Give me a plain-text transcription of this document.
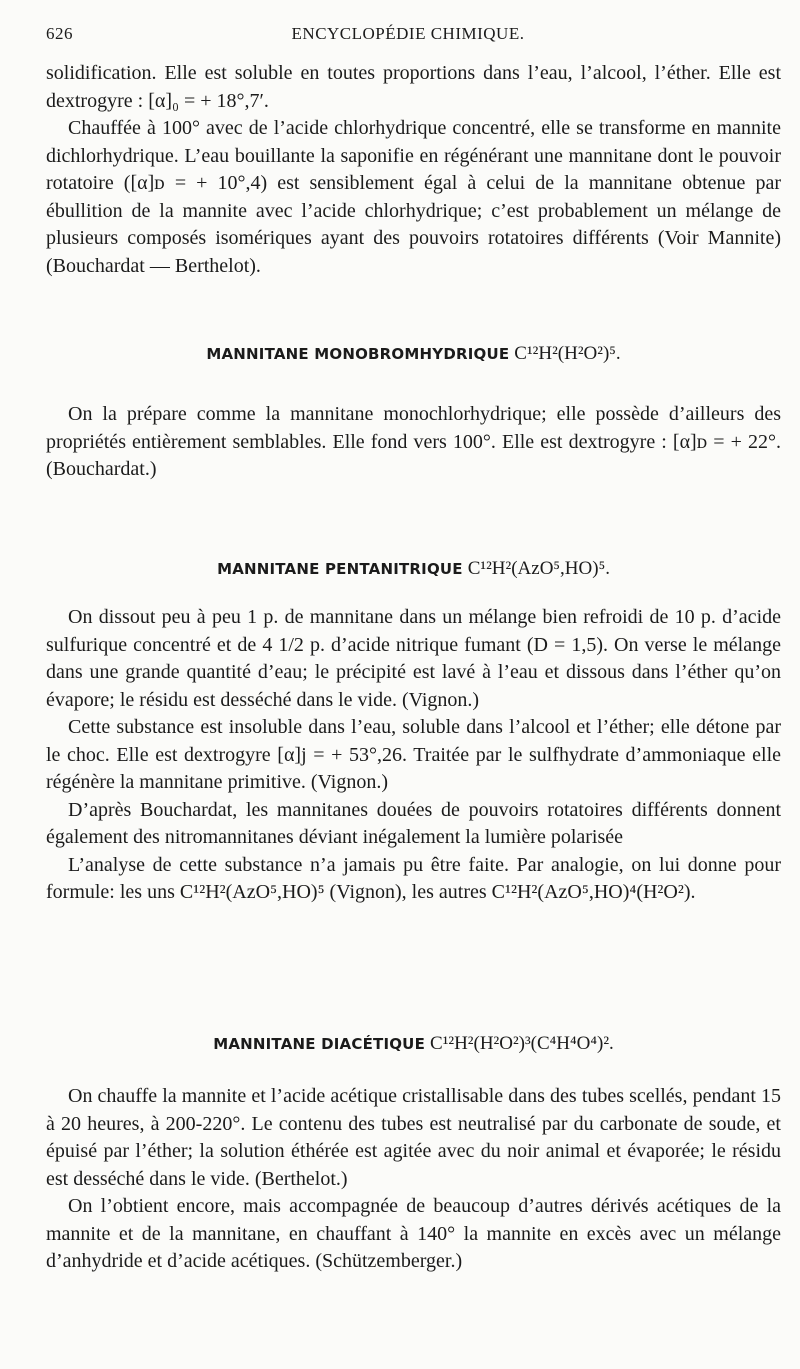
626	ENCYCLOPÉDIE CHIMIQUE.

solidification. Elle est soluble en toutes proportions dans l’eau, l’alcool, l’éther. Elle est dextrogyre : [α]₀ = + 18°,7′.

Chauffée à 100° avec de l’acide chlorhydrique concentré, elle se transforme en mannite dichlorhydrique. L’eau bouillante la saponifie en régénérant une mannitane dont le pouvoir rotatoire ([α]ᴅ = + 10°,4) est sensiblement égal à celui de la mannitane obtenue par ébullition de la mannite avec l’acide chlorhydrique; c’est probablement un mélange de plusieurs composés isomériques ayant des pouvoirs rotatoires différents (Voir Mannite) (Bouchardat — Berthelot).

MANNITANE MONOBROMHYDRIQUE C¹²H²(H²O²)⁵.

On la prépare comme la mannitane monochlorhydrique; elle possède d’ailleurs des propriétés entièrement semblables. Elle fond vers 100°. Elle est dextrogyre : [α]ᴅ = + 22°. (Bouchardat.)

MANNITANE PENTANITRIQUE C¹²H²(AzO⁵,HO)⁵.

On dissout peu à peu 1 p. de mannitane dans un mélange bien refroidi de 10 p. d’acide sulfurique concentré et de 4 1/2 p. d’acide nitrique fumant (D = 1,5). On verse le mélange dans une grande quantité d’eau; le précipité est lavé à l’eau et dissous dans l’éther qu’on évapore; le résidu est desséché dans le vide. (Vignon.)

Cette substance est insoluble dans l’eau, soluble dans l’alcool et l’éther; elle détone par le choc. Elle est dextrogyre [α]j = + 53°,26. Traitée par le sulfhydrate d’ammoniaque elle régénère la mannitane primitive. (Vignon.)

D’après Bouchardat, les mannitanes douées de pouvoirs rotatoires différents donnent également des nitromannitanes déviant inégalement la lumière polarisée

L’analyse de cette substance n’a jamais pu être faite. Par analogie, on lui donne pour formule: les uns C¹²H²(AzO⁵,HO)⁵ (Vignon), les autres C¹²H²(AzO⁵,HO)⁴(H²O²).

MANNITANE DIACÉTIQUE C¹²H²(H²O²)³(C⁴H⁴O⁴)².

On chauffe la mannite et l’acide acétique cristallisable dans des tubes scellés, pendant 15 à 20 heures, à 200-220°. Le contenu des tubes est neutralisé par du carbonate de soude, et épuisé par l’éther; la solution éthérée est agitée avec du noir animal et évaporée; le résidu est desséché dans le vide. (Berthelot.)

On l’obtient encore, mais accompagnée de beaucoup d’autres dérivés acétiques de la mannite et de la mannitane, en chauffant à 140° la mannite en excès avec un mélange d’anhydride et d’acide acétiques. (Schützemberger.)
